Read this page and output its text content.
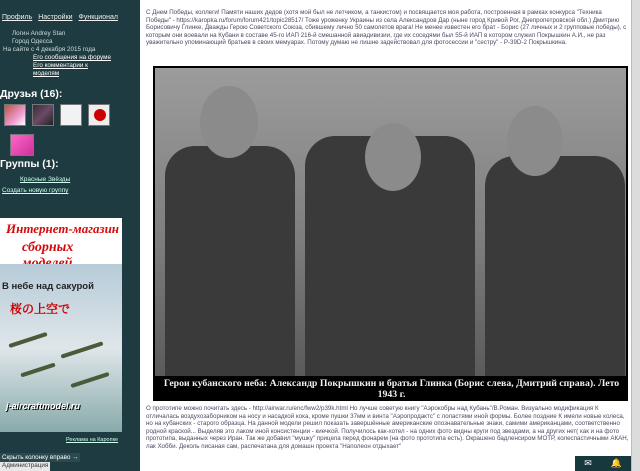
Профиль Настройки Функционал
Логин Andrey Stan
Город Одесса
На сайте с 4 декабря 2015 года
Его сообщения на форуме
Его комментарии к
моделям
Друзья (16):
Группы (1):
Красные Звёзды
Создать новую группу
Интернет-магазин
сборных
В небе над сакурой
桜の上空で
j-aircraftmodel.ru
Реклама на Каропке
Скрыть колонку вправо →
Администрация
С Днем Победы, коллеги! Памяти наших дедов (хотя мой был не летчиком, а танкистом) и посвящается моя работа, построенная в рамках конкурса "Техника Победы" - https://karopka.ru/forum/forum421/topic28517/ Тоже уроженку Украины из села Александров Дар (ныне город Кривой Рог, Днепропетровской обл.) Дмитрию Борисовичу Глинке, Дважды Герою Советского Союза, сбившему лично 50 самолетов врага! Не менее известен его брат - Борис (27 личных и 2 групповые победы), с которым они воевали на Кубани в составе 45-го ИАП 216-й смешанной авиадивизии, где их соседями был 55-й ИАП в котором служил Покрышкин А.И., не раз уважительно упоминающий братьев в своих мемуарах. Потому думаю не лишне задействовал для фотосессии и "сестру" - Р-39D-2 Покрышкина.
Герои кубанского неба: Александр Покрышкин и братья Глинка (Борис слева, Дмитрий справа). Лето 1943 г.
О прототипе можно почитать здесь - http://airwar.ru/enc/fww2/p39k.html Но лучше советую книгу "Аэрокобры над Кубань"/В.Роман. Визуально модификация К отличалась воздухозаборником на носу и насадкой кока, кроме пушки 37мм и винта "Аэропродактс" с лопастями иной формы. Более поздние К имели новые колеса, но на кубанских - старого образца. На данной модели решил показать завершённые американские опознавательные знаки, самими американцами, соответственно родной краской... Выделяв это лаком иной консистенции - киечкой. Получилось как-хотел - на одних фото видны круги под звездами, а на других нет( как и на фото прототипа, выданных через Иран. Так же добавил "мушку" прицела перед фонарем (на фото прототипа есть). Окрашено бадленсиром МОТР, колеспастичными АКАН, лак Хобби. Деколь писаная сам, распечатана для домашн проекта "Наполеон отдыхает"
✉ 🔔
